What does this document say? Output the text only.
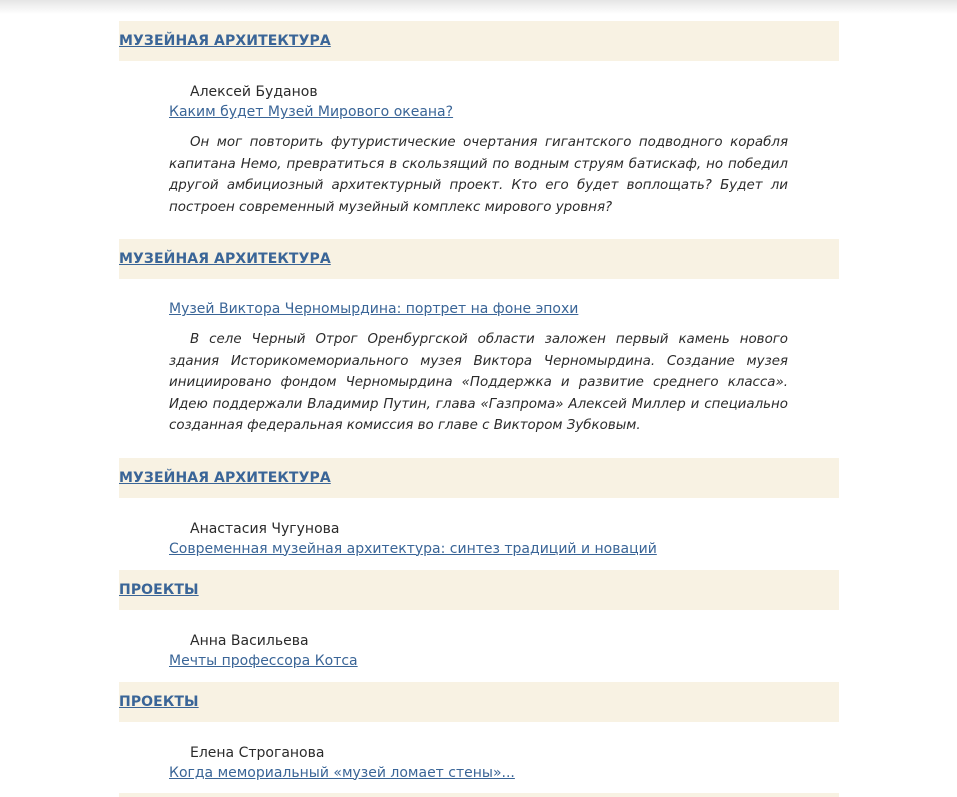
МУЗЕЙНАЯ АРХИТЕКТУРА
Алексей Буданов
Каким будет Музей Мирового океана?

Он мог повторить футуристические очертания гигантского подводного корабля капитана Немо, превратиться в скользящий по водным струям батискаф, но победил другой амбициозный архитектурный проект. Кто его будет воплощать? Будет ли построен современный музейный комплекс мирового уровня?

МУЗЕЙНАЯ АРХИТЕКТУРА
Музей Виктора Черномырдина: портрет на фоне эпохи

В селе Черный Отрог Оренбургской области заложен первый камень нового здания Историкомемориального музея Виктора Черномырдина. Создание музея инициировано фондом Черномырдина «Поддержка и развитие среднего класса». Идею поддержали Владимир Путин, глава «Газпрома» Алексей Миллер и специально созданная федеральная комиссия во главе с Виктором Зубковым.

МУЗЕЙНАЯ АРХИТЕКТУРА
Анастасия Чугунова
Современная музейная архитектура: синтез традиций и новаций
ПРОЕКТЫ
Анна Васильева
Мечты профессора Котса
ПРОЕКТЫ
Елена Строганова
Когда мемориальный «музей ломает стены»...
